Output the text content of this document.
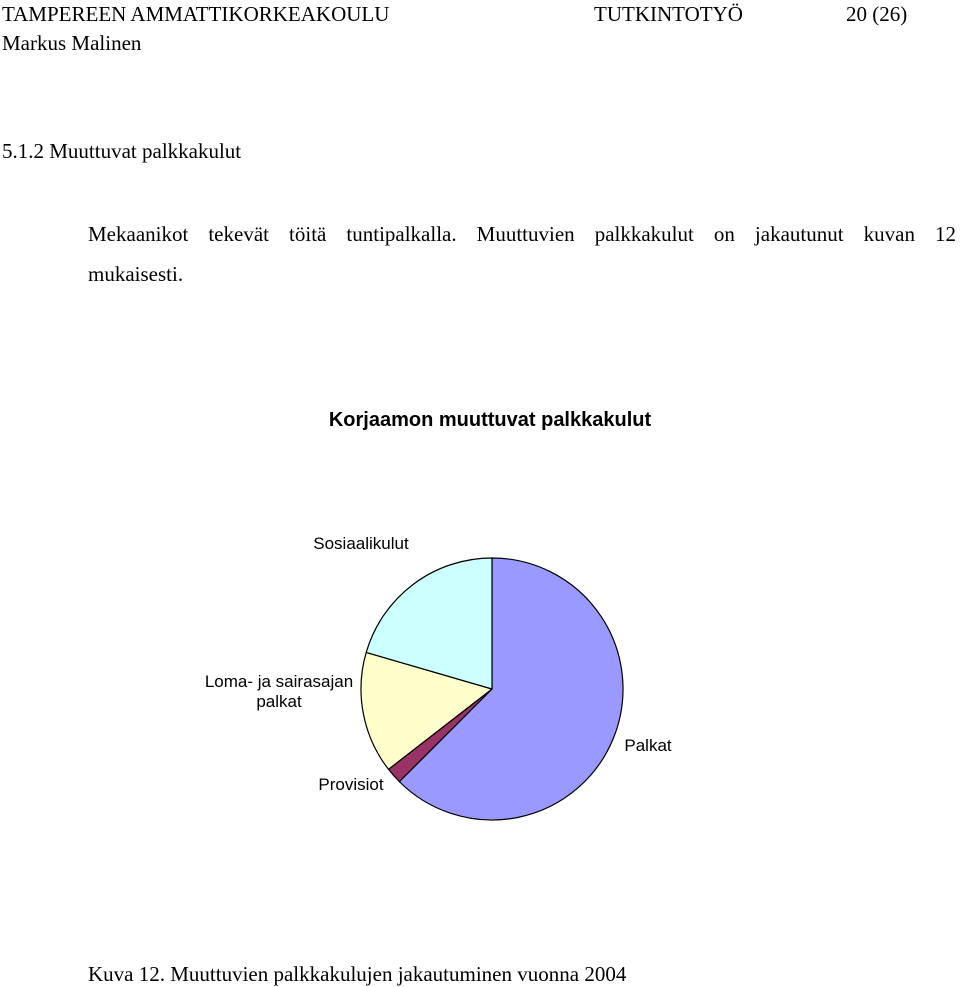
TAMPEREEN AMMATTIKORKEAKOULU	TUTKINTOTYÖ	20 (26)
Markus Malinen
5.1.2 Muuttuvat palkkakulut
Mekaanikot tekevät töitä tuntipalkalla. Muuttuvien palkkakulut on jakautunut kuvan 12
mukaisesti.
Korjaamon muuttuvat palkkakulut
Palkat
Provisiot
Loma- ja sairasajan palkat
Sosiaalikulut
Kuva 12. Muuttuvien palkkakulujen jakautuminen vuonna 2004
